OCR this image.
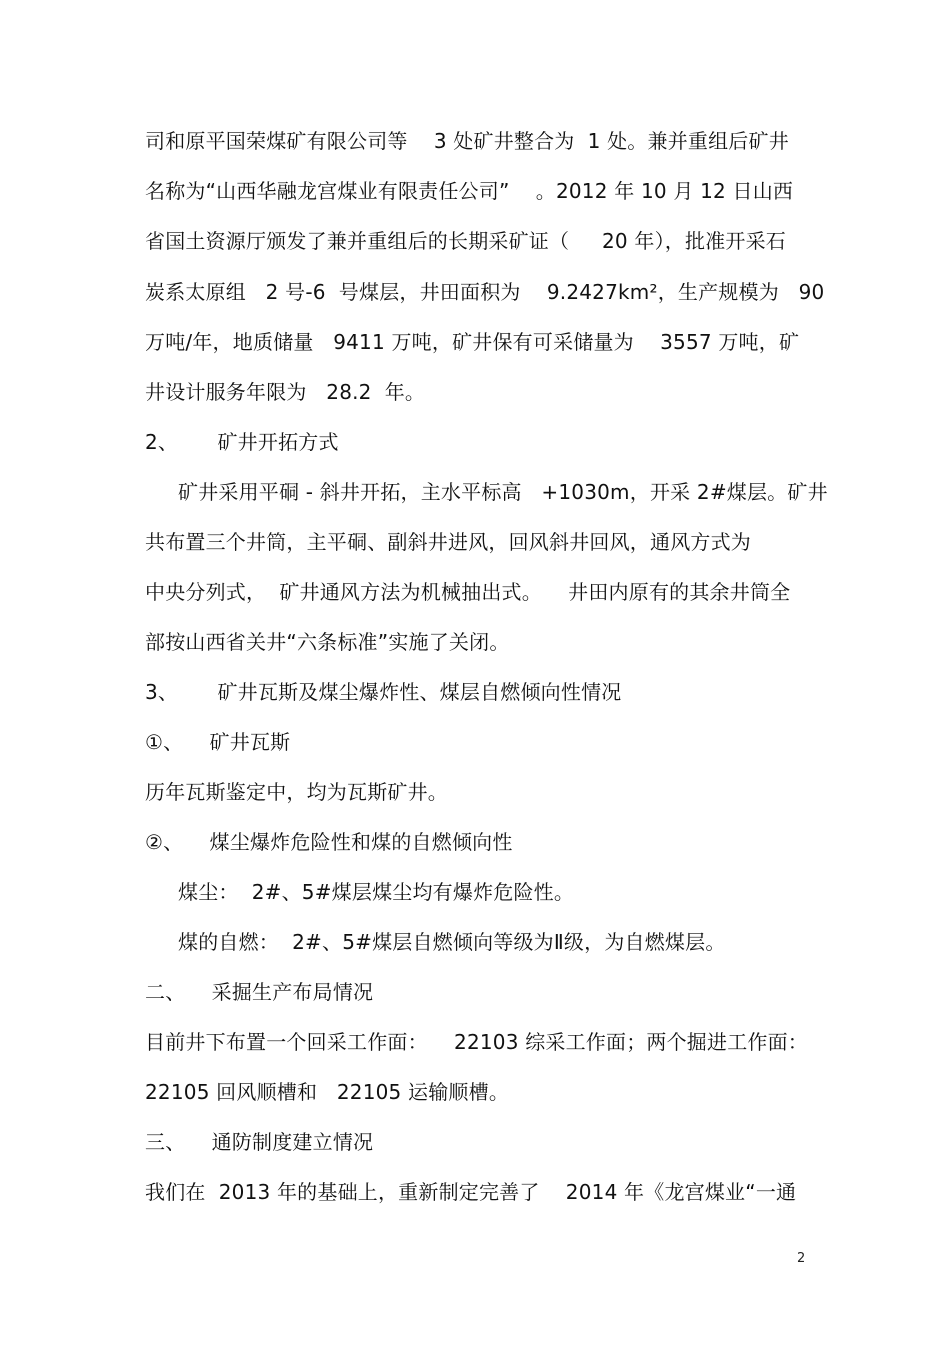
司和原平国荣煤矿有限公司等    3 处矿井整合为  1 处。兼并重组后矿井
名称为“山西华融龙宫煤业有限责任公司”    。2012 年 10 月 12 日山西
省国土资源厅颁发了兼并重组后的长期采矿证（     20 年），批准开采石
炭系太原组   2 号-6  号煤层，井田面积为    9.2427km²，生产规模为   90
万吨/年，地质储量   9411 万吨，矿井保有可采储量为    3557 万吨，矿
井设计服务年限为   28.2  年。
2、      矿井开拓方式
矿井采用平硐 - 斜井开拓，主水平标高   +1030m，开采 2#煤层。矿井
共布置三个井筒，主平硐、副斜井进风，回风斜井回风，通风方式为
中央分列式，  矿井通风方法为机械抽出式。    井田内原有的其余井筒全
部按山西省关井“六条标准”实施了关闭。
3、      矿井瓦斯及煤尘爆炸性、煤层自燃倾向性情况
①、    矿井瓦斯
历年瓦斯鉴定中，均为瓦斯矿井。
②、    煤尘爆炸危险性和煤的自燃倾向性
煤尘：  2#、5#煤层煤尘均有爆炸危险性。
煤的自燃：  2#、5#煤层自燃倾向等级为Ⅱ级，为自燃煤层。
二、    采掘生产布局情况
目前井下布置一个回采工作面：    22103 综采工作面；两个掘进工作面：
22105 回风顺槽和   22105 运输顺槽。
三、    通防制度建立情况
我们在  2013 年的基础上，重新制定完善了    2014 年《龙宫煤业“一通
2
